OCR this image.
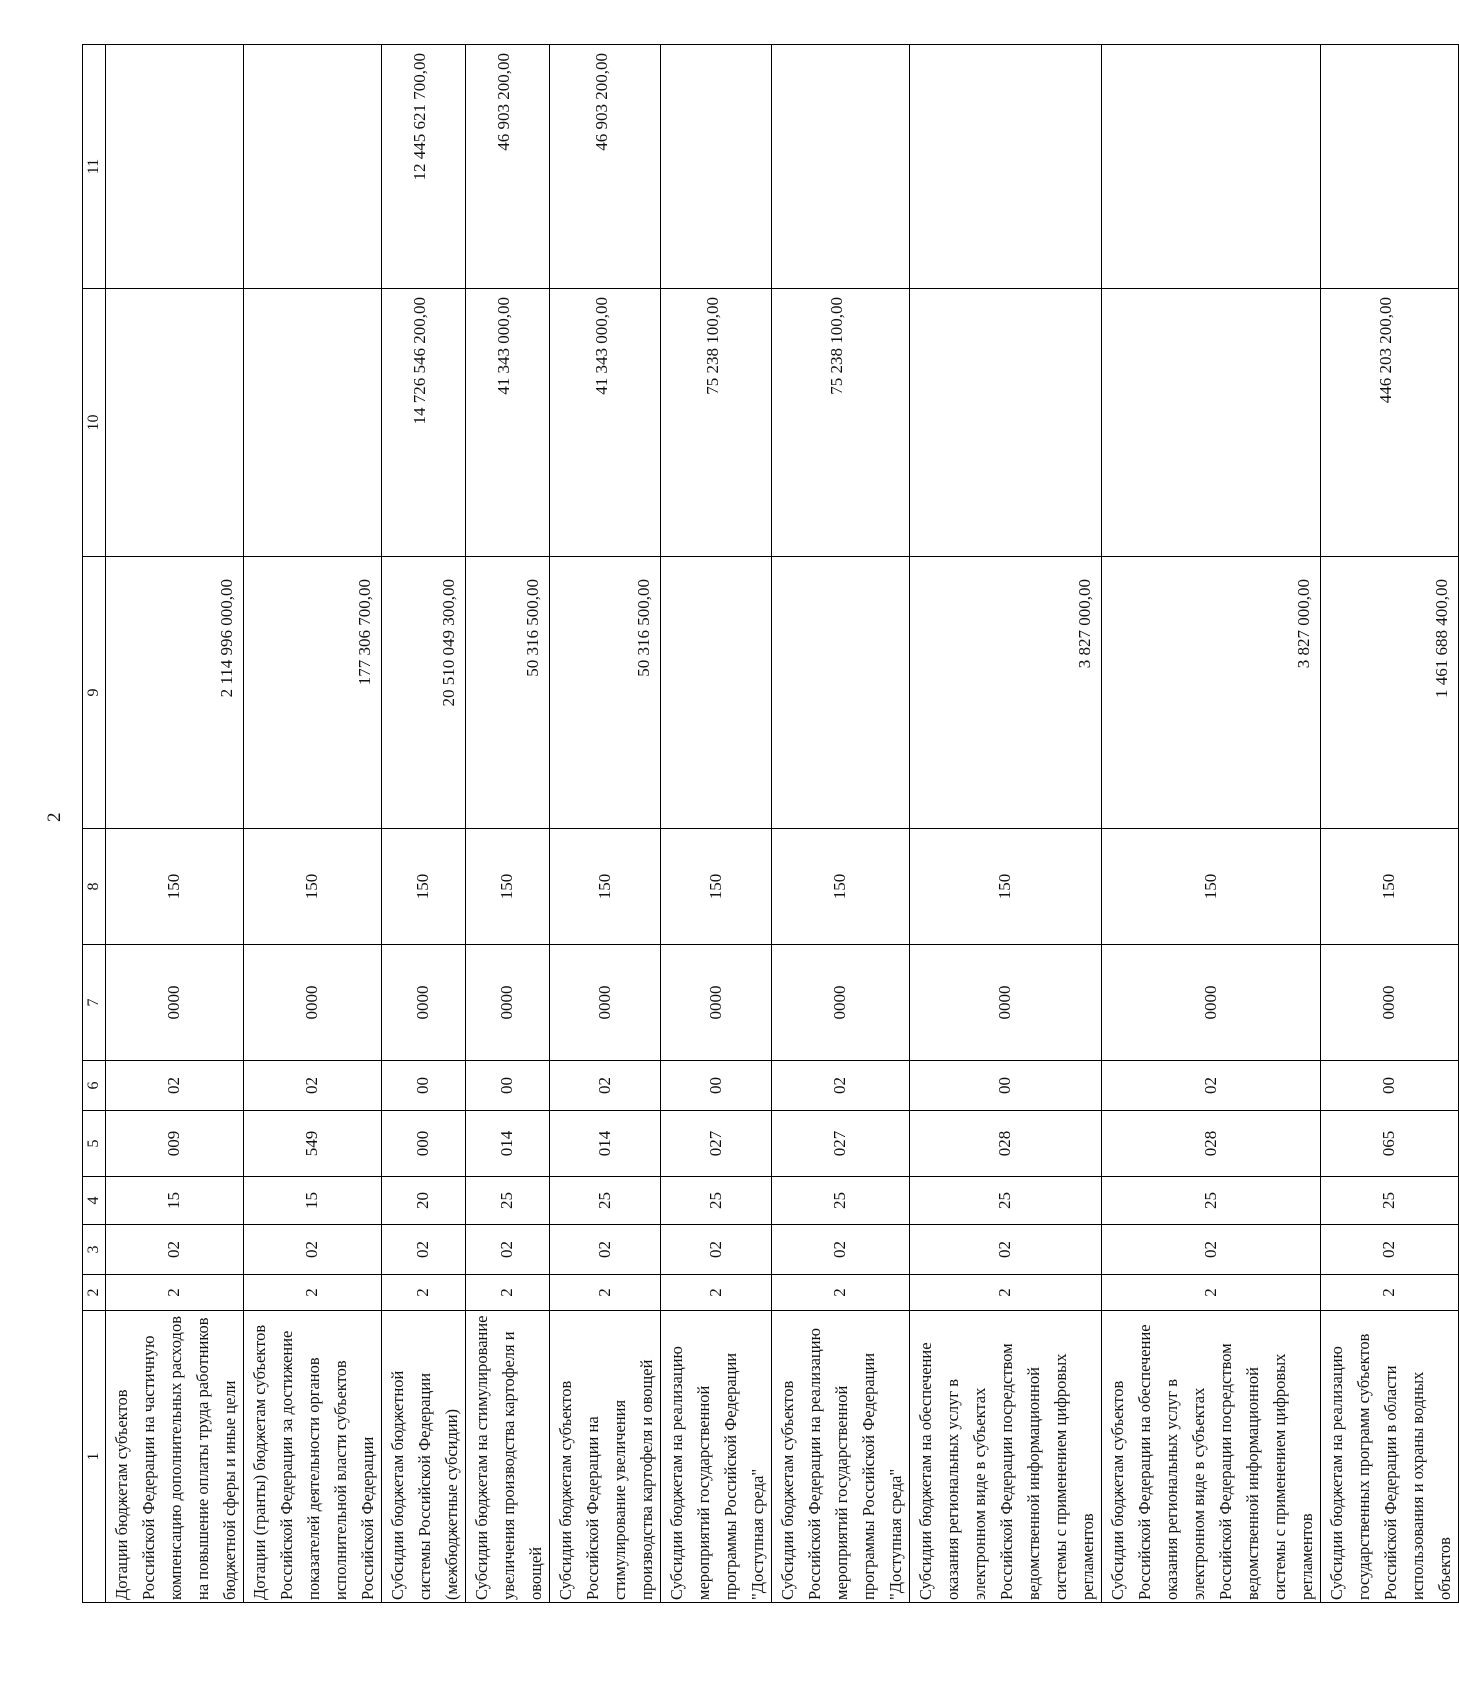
2
1	2	3	4	5	6	7	8	9	10	11
Дотации бюджетам субъектов Российской Федерации на частичную компенсацию дополнительных расходов на повышение оплаты труда работников бюджетной сферы и иные цели	2	02	15	009	02	0000	150	2 114 996 000,00		

Дотации (гранты) бюджетам субъектов Российской Федерации за достижение показателей деятельности органов исполнительной власти субъектов Российской Федерации	2	02	15	549	02	0000	150	177 306 700,00		

Субсидии бюджетам бюджетной системы Российской Федерации (межбюджетные субсидии)	2	02	20	000	00	0000	150	20 510 049 300,00	14 726 546 200,00	12 445 621 700,00

Субсидии бюджетам на стимулирование увеличения производства картофеля и овощей	2	02	25	014	00	0000	150	50 316 500,00	41 343 000,00	46 903 200,00

Субсидии бюджетам субъектов Российской Федерации на стимулирование увеличения производства картофеля и овощей	2	02	25	014	02	0000	150	50 316 500,00	41 343 000,00	46 903 200,00

Субсидии бюджетам на реализацию мероприятий государственной программы Российской Федерации "Доступная среда"	2	02	25	027	00	0000	150		75 238 100,00	

Субсидии бюджетам субъектов Российской Федерации на реализацию мероприятий государственной программы Российской Федерации "Доступная среда"	2	02	25	027	02	0000	150		75 238 100,00	

Субсидии бюджетам на обеспечение оказания региональных услуг в электронном виде в субъектах Российской Федерации посредством ведомственной информационной системы с применением цифровых регламентов	2	02	25	028	00	0000	150	3 827 000,00		

Субсидии бюджетам субъектов Российской Федерации на обеспечение оказания региональных услуг в электронном виде в субъектах Российской Федерации посредством ведомственной информационной системы с применением цифровых регламентов	2	02	25	028	02	0000	150	3 827 000,00		

Субсидии бюджетам на реализацию государственных программ субъектов Российской Федерации в области использования и охраны водных объектов	2	02	25	065	00	0000	150	1 461 688 400,00	446 203 200,00	
